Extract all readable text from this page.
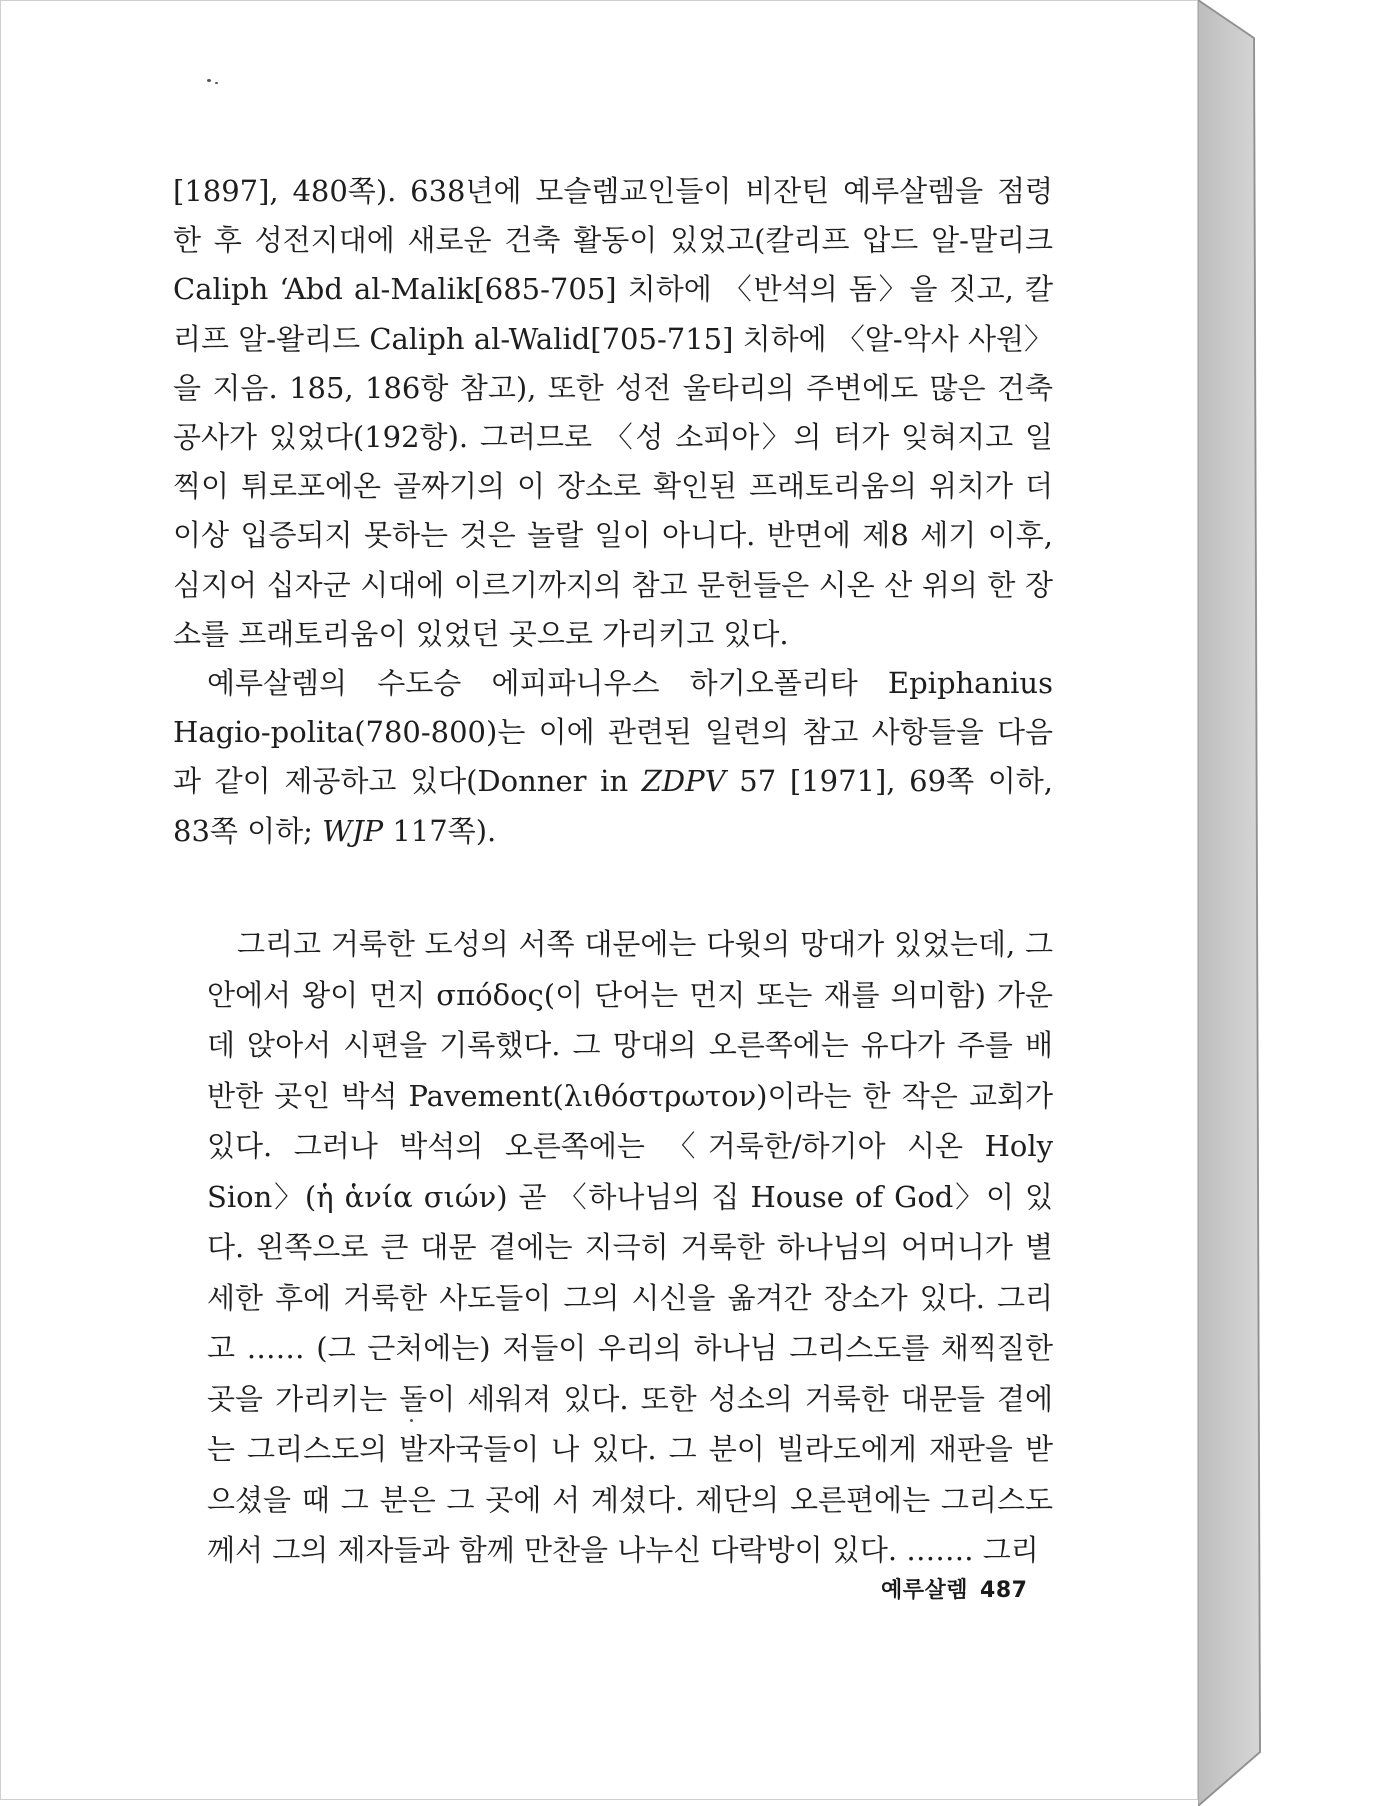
[1897], 480쪽). 638년에 모슬렘교인들이 비잔틴 예루살렘을 점령한 후 성전지대에 새로운 건축 활동이 있었고(칼리프 압드 알-말리크 Caliph ‘Abd al-Malik[685-705] 치하에 〈반석의 돔〉을 짓고, 칼리프 알-왈리드 Caliph al-Walid[705-715] 치하에 〈알-악사 사원〉을 지음. 185, 186항 참고), 또한 성전 울타리의 주변에도 많은 건축 공사가 있었다(192항). 그러므로 〈성 소피아〉의 터가 잊혀지고 일찍이 튀로포에온 골짜기의 이 장소로 확인된 프래토리움의 위치가 더 이상 입증되지 못하는 것은 놀랄 일이 아니다. 반면에 제8 세기 이후, 심지어 십자군 시대에 이르기까지의 참고 문헌들은 시온 산 위의 한 장소를 프래토리움이 있었던 곳으로 가리키고 있다.

예루살렘의 수도승 에피파니우스 하기오폴리타 Epiphanius Hagio-polita(780-800)는 이에 관련된 일련의 참고 사항들을 다음과 같이 제공하고 있다(Donner in ZDPV 57 [1971], 69쪽 이하, 83쪽 이하; WJP 117쪽).

그리고 거룩한 도성의 서쪽 대문에는 다윗의 망대가 있었는데, 그 안에서 왕이 먼지 σπόδος(이 단어는 먼지 또는 재를 의미함) 가운데 앉아서 시편을 기록했다. 그 망대의 오른쪽에는 유다가 주를 배반한 곳인 박석 Pavement(λιθόστρωτον)이라는 한 작은 교회가 있다. 그러나 박석의 오른쪽에는 〈거룩한/하기아 시온 Holy Sion〉(ἡ ἁνία σιών) 곧 〈하나님의 집 House of God〉이 있다. 왼쪽으로 큰 대문 곁에는 지극히 거룩한 하나님의 어머니가 별세한 후에 거룩한 사도들이 그의 시신을 옮겨간 장소가 있다. 그리고 …… (그 근처에는) 저들이 우리의 하나님 그리스도를 채찍질한 곳을 가리키는 돌이 세워져 있다. 또한 성소의 거룩한 대문들 곁에는 그리스도의 발자국들이 나 있다. 그 분이 빌라도에게 재판을 받으셨을 때 그 분은 그 곳에 서 계셨다. 제단의 오른편에는 그리스도께서 그의 제자들과 함께 만찬을 나누신 다락방이 있다. ……. 그리

예루살렘 487
